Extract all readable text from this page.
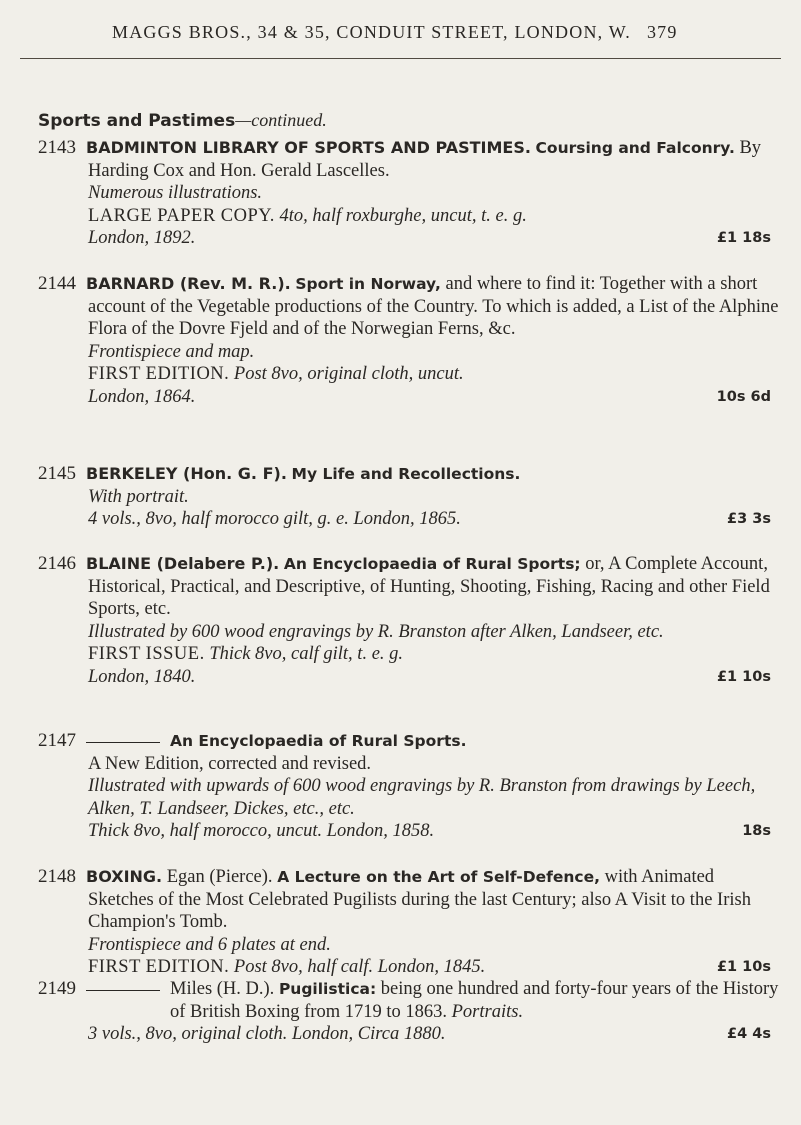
MAGGS BROS., 34 & 35, CONDUIT STREET, LONDON, W. 379
Sports and Pastimes—continued.
2143 BADMINTON LIBRARY OF SPORTS AND PASTIMES. Coursing and Falconry. By Harding Cox and Hon. Gerald Lascelles.

Numerous illustrations.

LARGE PAPER COPY. 4to, half roxburghe, uncut, t. e. g.

London, 1892.	£1 18s

2144 BARNARD (Rev. M. R.). Sport in Norway, and where to find it: Together with a short account of the Vegetable productions of the Country. To which is added, a List of the Alphine Flora of the Dovre Fjeld and of the Norwegian Ferns, &c.

Frontispiece and map.

FIRST EDITION. Post 8vo, original cloth, uncut.

London, 1864.	10s 6d

2145 BERKELEY (Hon. G. F). My Life and Recollections.

With portrait.

4 vols., 8vo, half morocco gilt, g. e. London, 1865.	£3 3s

2146 BLAINE (Delabere P.). An Encyclopaedia of Rural Sports; or, A Complete Account, Historical, Practical, and Descriptive, of Hunting, Shooting, Fishing, Racing and other Field Sports, etc.

Illustrated by 600 wood engravings by R. Branston after Alken, Landseer, etc.

FIRST ISSUE. Thick 8vo, calf gilt, t. e. g.

London, 1840.	£1 10s

2147	An Encyclopaedia of Rural Sports.

A New Edition, corrected and revised.

Illustrated with upwards of 600 wood engravings by R. Branston from drawings by Leech, Alken, T. Landseer, Dickes, etc., etc.

Thick 8vo, half morocco, uncut. London, 1858.	18s

2148 BOXING. Egan (Pierce). A Lecture on the Art of Self-Defence, with Animated Sketches of the Most Celebrated Pugilists during the last Century; also A Visit to the Irish Champion's Tomb.

Frontispiece and 6 plates at end.

FIRST EDITION. Post 8vo, half calf. London, 1845.	£1 10s

2149	Miles (H. D.). Pugilistica: being one hundred and forty-four years of the History of British Boxing from 1719 to 1863. Portraits.

3 vols., 8vo, original cloth. London, Circa 1880.	£4 4s
